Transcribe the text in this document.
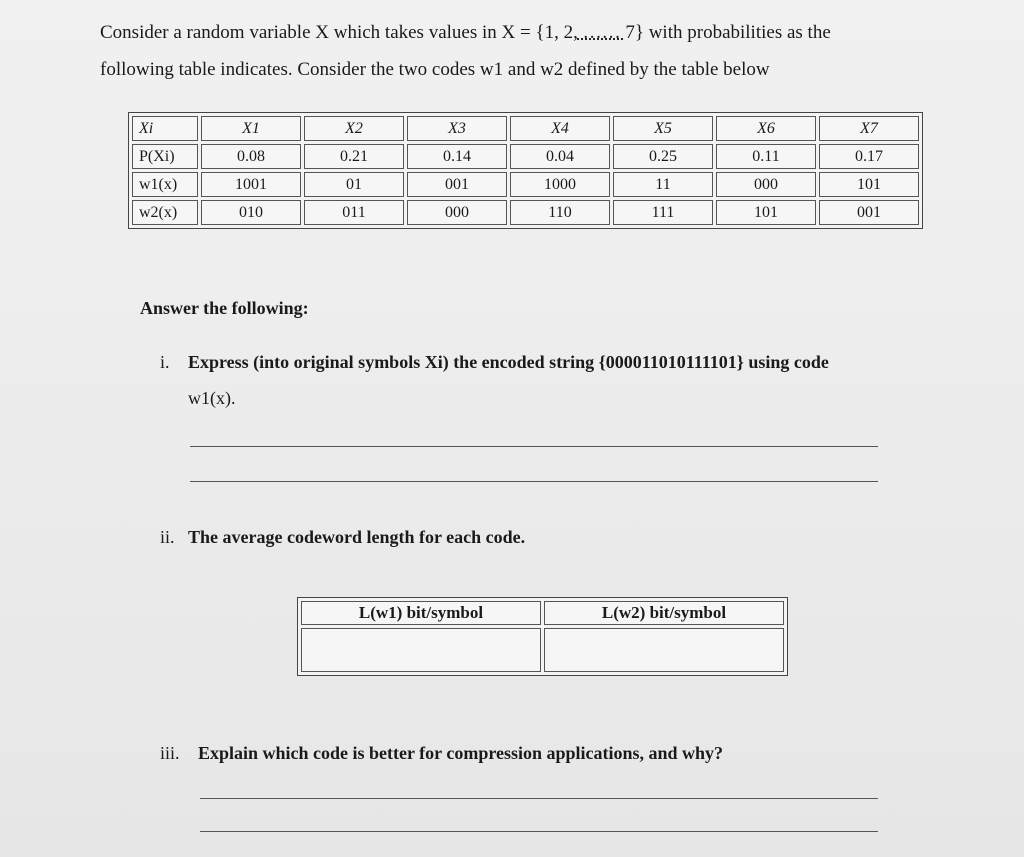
Consider a random variable X which takes values in X = {1, 2, …… 7} with probabilities as the
following table indicates. Consider the two codes w1 and w2 defined by the table below
Xi	X1	X2	X3	X4	X5	X6	X7
P(Xi)	0.08	0.21	0.14	0.04	0.25	0.11	0.17
w1(x)	1001	01	001	1000	11	000	101
w2(x)	010	011	000	110	111	101	001
Answer the following:
i. Express (into original symbols Xi) the encoded string {000011010111101} using code
w1(x).
ii. The average codeword length for each code.
L(w1) bit/symbol	L(w2) bit/symbol

iii. Explain which code is better for compression applications, and why?
